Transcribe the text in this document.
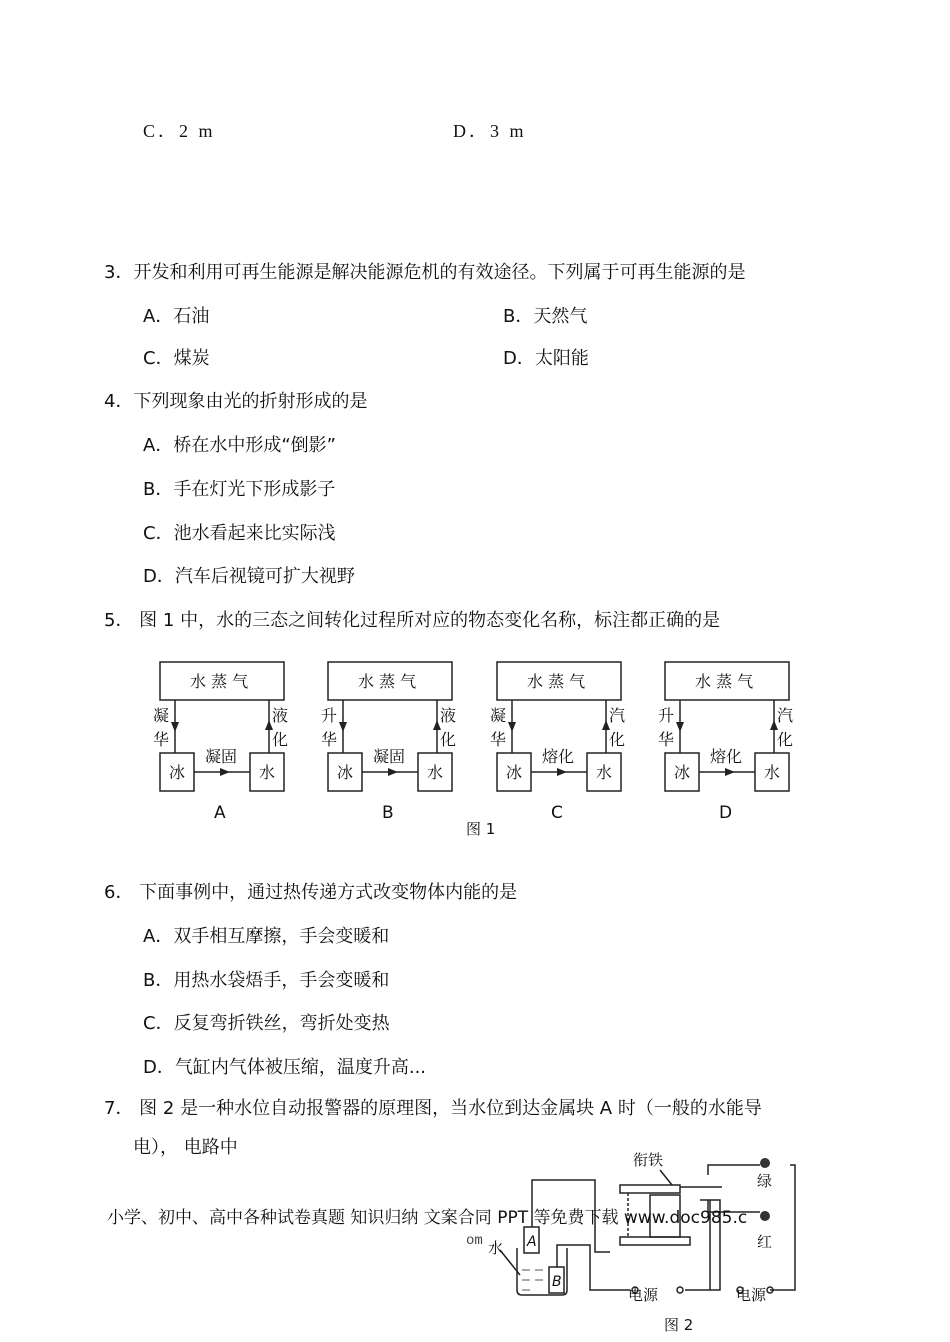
C．2 m	D．3 m
3．开发和利用可再生能源是解决能源危机的有效途径。下列属于可再生能源的是
A．石油	B．天然气
C．煤炭	D．太阳能
4．下列现象由光的折射形成的是
A．桥在水中形成“倒影”
B．手在灯光下形成影子
C．池水看起来比实际浅
D．汽车后视镜可扩大视野
5． 图 1 中，水的三态之间转化过程所对应的物态变化名称，标注都正确的是
水 蒸 气
冰	水
凝固
凝华
液化
A
水 蒸 气
冰	水
凝固
升华
液化
B
水 蒸 气
冰	水
熔化
凝华
汽化
C
水 蒸 气
冰	水
熔化
升华
汽化
D
图 1
6． 下面事例中，通过热传递方式改变物体内能的是
A．双手相互摩擦，手会变暖和
B．用热水袋焐手，手会变暖和
C．反复弯折铁丝，弯折处变热
D．气缸内气体被压缩，温度升高...
7． 图 2 是一种水位自动报警器的原理图，当水位到达金属块 A 时（一般的水能导
电）， 电路中
衔铁
绿
红
水 A
B
电源	电源
图 2
小学、初中、高中各种试卷真题 知识归纳 文案合同 PPT 等免费下载 www.doc985.c
om
